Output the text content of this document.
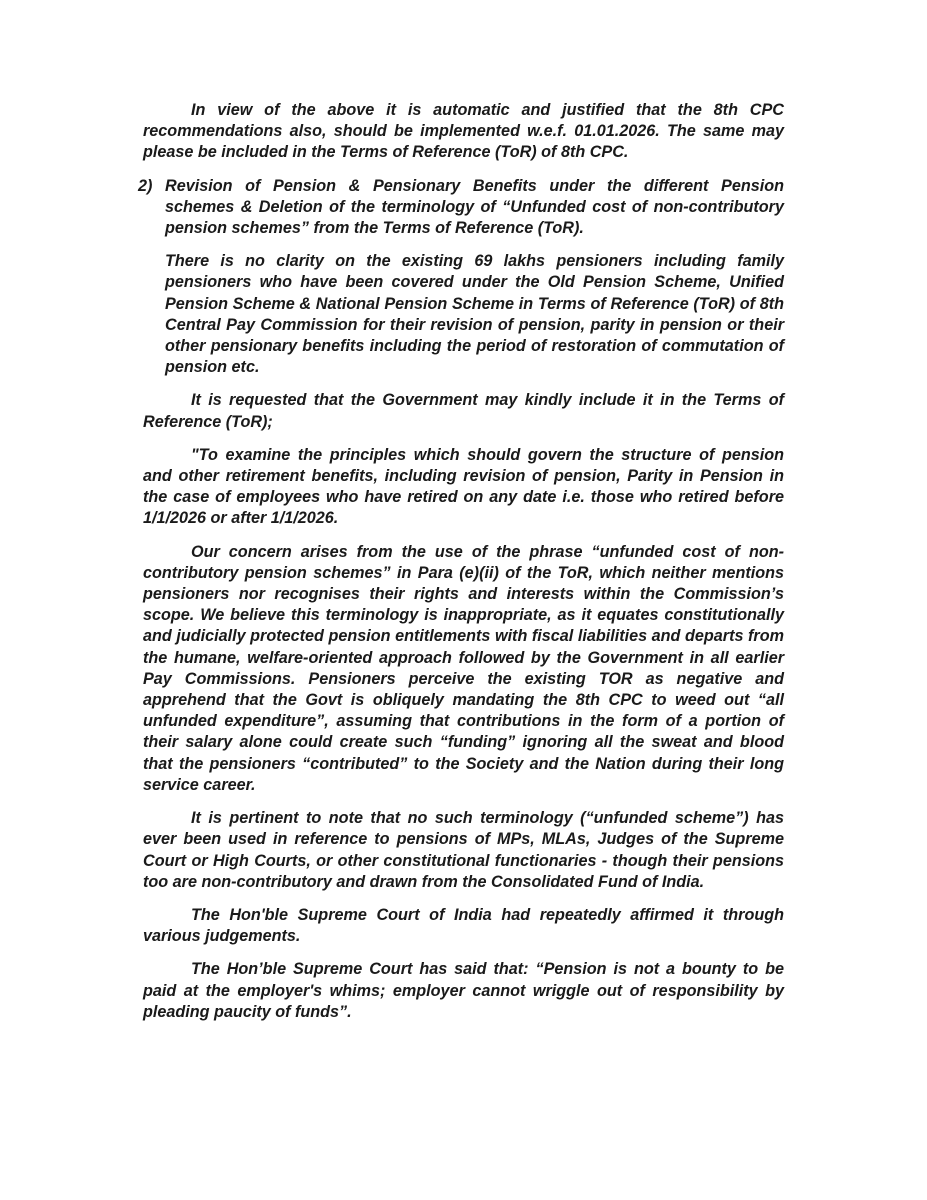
In view of the above it is automatic and justified that the 8th CPC recommendations also, should be implemented w.e.f. 01.01.2026. The same may please be included in the Terms of Reference (ToR) of 8th CPC.

2) Revision of Pension & Pensionary Benefits under the different Pension schemes & Deletion of the terminology of “Unfunded cost of non-contributory pension schemes” from the Terms of Reference (ToR).

There is no clarity on the existing 69 lakhs pensioners including family pensioners who have been covered under the Old Pension Scheme, Unified Pension Scheme & National Pension Scheme in Terms of Reference (ToR) of 8th Central Pay Commission for their revision of pension, parity in pension or their other pensionary benefits including the period of restoration of commutation of pension etc.

It is requested that the Government may kindly include it in the Terms of Reference (ToR);

"To examine the principles which should govern the structure of pension and other retirement benefits, including revision of pension, Parity in Pension in the case of employees who have retired on any date i.e. those who retired before 1/1/2026 or after 1/1/2026.

Our concern arises from the use of the phrase “unfunded cost of non-contributory pension schemes” in Para (e)(ii) of the ToR, which neither mentions pensioners nor recognises their rights and interests within the Commission’s scope. We believe this terminology is inappropriate, as it equates constitutionally and judicially protected pension entitlements with fiscal liabilities and departs from the humane, welfare-oriented approach followed by the Government in all earlier Pay Commissions. Pensioners perceive the existing TOR as negative and apprehend that the Govt is obliquely mandating the 8th CPC to weed out “all unfunded expenditure”, assuming that contributions in the form of a portion of their salary alone could create such “funding” ignoring all the sweat and blood that the pensioners “contributed” to the Society and the Nation during their long service career.

It is pertinent to note that no such terminology (“unfunded scheme”) has ever been used in reference to pensions of MPs, MLAs, Judges of the Supreme Court or High Courts, or other constitutional functionaries - though their pensions too are non-contributory and drawn from the Consolidated Fund of India.

The Hon'ble Supreme Court of India had repeatedly affirmed it through various judgements.

The Hon’ble Supreme Court has said that: “Pension is not a bounty to be paid at the employer's whims; employer cannot wriggle out of responsibility by pleading paucity of funds”.
